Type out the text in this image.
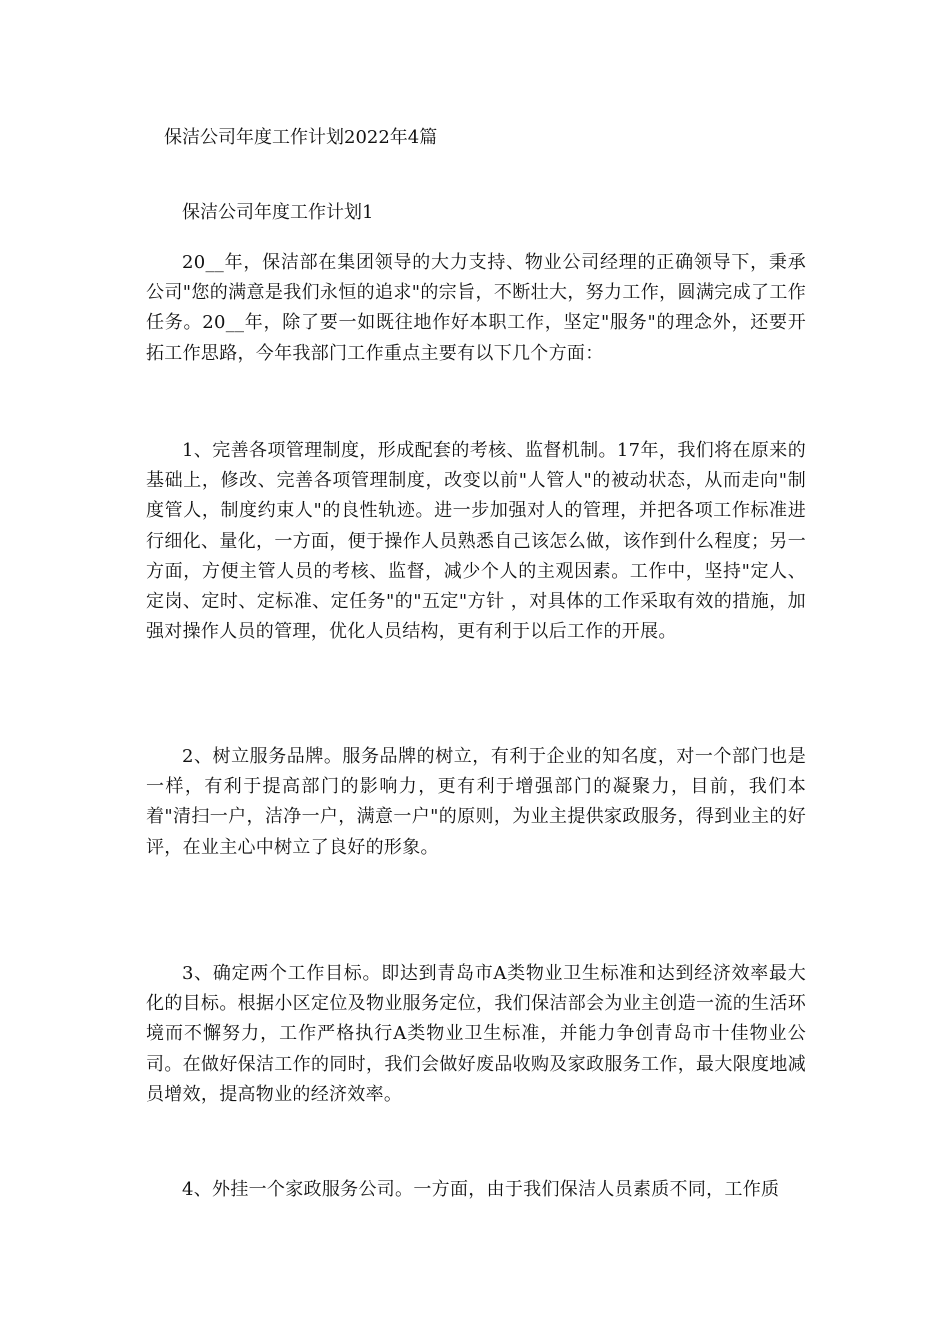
保洁公司年度工作计划2022年4篇
保洁公司年度工作计划1

20__年，保洁部在集团领导的大力支持、物业公司经理的正确领导下，秉承公司"您的满意是我们永恒的追求"的宗旨，不断壮大，努力工作，圆满完成了工作任务。20__年，除了要一如既往地作好本职工作，坚定"服务"的理念外，还要开拓工作思路，今年我部门工作重点主要有以下几个方面：

1、完善各项管理制度，形成配套的考核、监督机制。17年，我们将在原来的基础上，修改、完善各项管理制度，改变以前"人管人"的被动状态，从而走向"制度管人，制度约束人"的良性轨迹。进一步加强对人的管理，并把各项工作标准进行细化、量化，一方面，便于操作人员熟悉自己该怎么做，该作到什么程度；另一方面，方便主管人员的考核、监督，减少个人的主观因素。工作中，坚持"定人、定岗、定时、定标准、定任务"的"五定"方针 ，对具体的工作采取有效的措施，加强对操作人员的管理，优化人员结构，更有利于以后工作的开展。

2、树立服务品牌。服务品牌的树立，有利于企业的知名度，对一个部门也是一样，有利于提高部门的影响力，更有利于增强部门的凝聚力，目前，我们本着"清扫一户，洁净一户，满意一户"的原则，为业主提供家政服务，得到业主的好评，在业主心中树立了良好的形象。

3、确定两个工作目标。即达到青岛市A类物业卫生标准和达到经济效率最大化的目标。根据小区定位及物业服务定位，我们保洁部会为业主创造一流的生活环境而不懈努力，工作严格执行A类物业卫生标准，并能力争创青岛市十佳物业公司。在做好保洁工作的同时，我们会做好废品收购及家政服务工作，最大限度地减员增效，提高物业的经济效率。

4、外挂一个家政服务公司。一方面，由于我们保洁人员素质不同，工作质
